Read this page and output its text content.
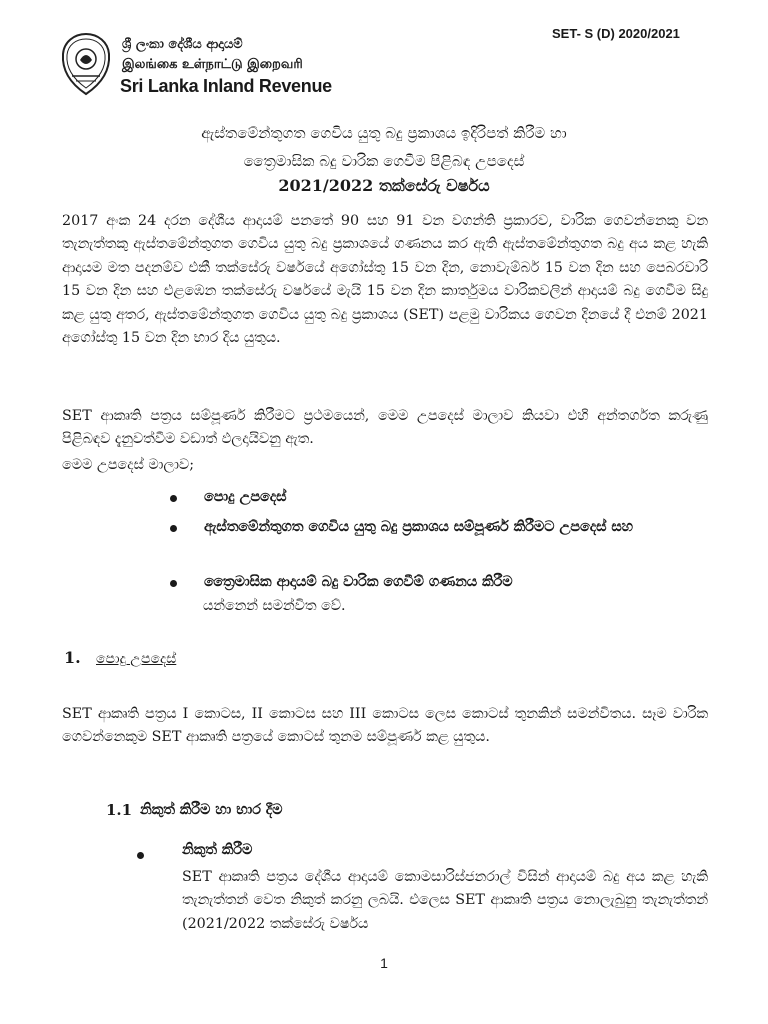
SET- S (D) 2020/2021
ශ්‍රී ලංකා දේශීය ආදායම්
இலங்கை உள்நாட்டு இறைவரி
Sri Lanka Inland Revenue
ඇස්තමේන්තුගත ගෙවිය යුතු බදු ප්‍රකාශය ඉදිරිපත් කිරීම හා
ත්‍රෛමාසික බදු වාරික ගෙවීම පිළිබඳ උපදෙස්
2021/2022 තක්සේරු වර්ෂය
2017 අංක 24 දරන දේශීය ආදායම් පනතේ 90 සහ 91 වන වගන්ති ප්‍රකාරව, වාරික ගෙවන්නෙකු වන තැනැත්තකු ඇස්තමේන්තුගත ගෙවිය යුතු බදු ප්‍රකාශයේ ගණනය කර ඇති ඇස්තමේන්තුගත බදු අය කළ හැකි ආදායම මත පදනම්ව එකී තක්සේරු වර්ෂයේ අගෝස්තු 15 වන දින, නොවැම්බර් 15 වන දින සහ පෙබරවාරි 15 වන දින සහ එළඹෙන තක්සේරු වර්ෂයේ මැයි 15 වන දින කාර්තුමය වාරිකවලින් ආදායම් බදු ගෙවීම සිදු කළ යුතු අතර, ඇස්තමේන්තුගත ගෙවිය යුතු බදු ප්‍රකාශය (SET) පළමු වාරිකය ගෙවන දිනයේ දී එනම් 2021 අගෝස්තු 15 වන දින භාර දිය යුතුය.
SET ආකෘති පත්‍රය සම්පූර්ණ කිරීමට ප්‍රථමයෙන්, මෙම උපදෙස් මාලාව කියවා එහි අන්තර්ගත කරුණු පිළිබඳව දැනුවත්වීම වඩාත් ඵලදායිවනු ඇත.
මෙම උපදෙස් මාලාව;
පොදු උපදෙස්
ඇස්තමේන්තුගත ගෙවිය යුතු බදු ප්‍රකාශය සම්පූර්ණ කිරීමට උපදෙස් සහ
ත්‍රෛමාසික ආදායම් බදු වාරික ගෙවීම් ගණනය කිරීම
යන්නෙන් සමන්විත වේ.
1. පොදු උපදෙස්
SET ආකෘති පත්‍රය I කොටස, II කොටස සහ III කොටස ලෙස කොටස් තුනකින් සමන්විතය. සෑම වාරික ගෙවන්නෙකුම SET ආකෘති පත්‍රයේ කොටස් තුනම සම්පූර්ණ කළ යුතුය.
1.1 නිකුත් කිරීම හා භාර දීම
නිකුත් කිරීම
SET ආකෘති පත්‍රය දේශීය ආදායම් කොමසාරිස්ජනරාල් විසින් ආදායම් බදු අය කළ හැකි තැනැත්තන් වෙත නිකුත් කරනු ලබයි. එලෙස SET ආකෘති පත්‍රය නොලැබුනු තැනැත්තන් (2021/2022 තක්සේරු වර්ෂය
1
